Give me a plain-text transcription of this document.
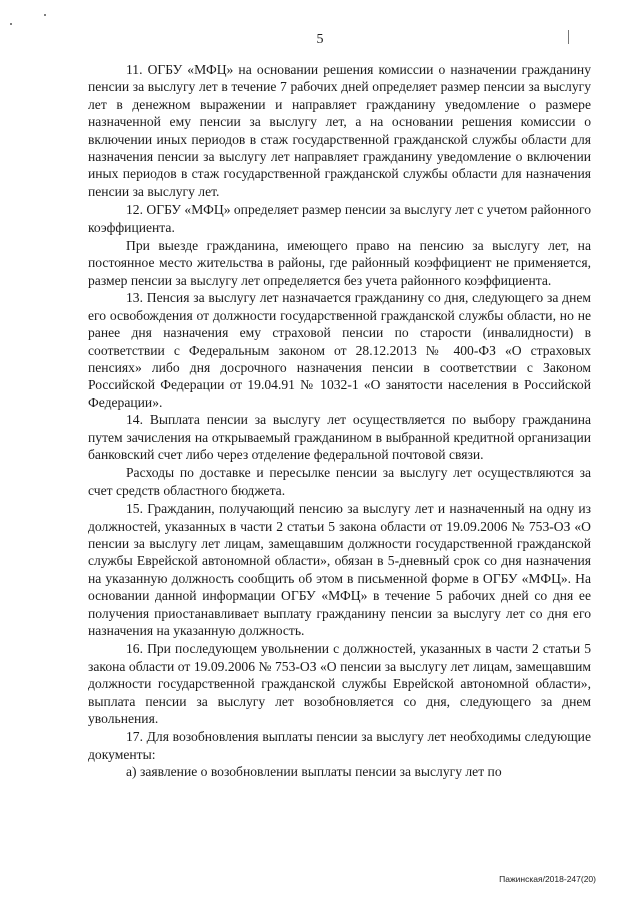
5

11. ОГБУ «МФЦ» на основании решения комиссии о назначении гражданину пенсии за выслугу лет в течение 7 рабочих дней определяет размер пенсии за выслугу лет в денежном выражении и направляет гражданину уведомление о размере назначенной ему пенсии за выслугу лет, а на основании решения комиссии о включении иных периодов в стаж государственной гражданской службы области для назначения пенсии за выслугу лет направляет гражданину уведомление о включении иных периодов в стаж государственной гражданской службы области для назначения пенсии за выслугу лет.

12. ОГБУ «МФЦ» определяет размер пенсии за выслугу лет с учетом районного коэффициента.

При выезде гражданина, имеющего право на пенсию за выслугу лет, на постоянное место жительства в районы, где районный коэффициент не применяется, размер пенсии за выслугу лет определяется без учета районного коэффициента.

13. Пенсия за выслугу лет назначается гражданину со дня, следующего за днем его освобождения от должности государственной гражданской службы области, но не ранее дня назначения ему страховой пенсии по старости (инвалидности) в соответствии с Федеральным законом от 28.12.2013 № 400-ФЗ «О страховых пенсиях» либо дня досрочного назначения пенсии в соответствии с Законом Российской Федерации от 19.04.91 № 1032-1 «О занятости населения в Российской Федерации».

14. Выплата пенсии за выслугу лет осуществляется по выбору гражданина путем зачисления на открываемый гражданином в выбранной кредитной организации банковский счет либо через отделение федеральной почтовой связи.

Расходы по доставке и пересылке пенсии за выслугу лет осуществляются за счет средств областного бюджета.

15. Гражданин, получающий пенсию за выслугу лет и назначенный на одну из должностей, указанных в части 2 статьи 5 закона области от 19.09.2006 № 753-ОЗ «О пенсии за выслугу лет лицам, замещавшим должности государственной гражданской службы Еврейской автономной области», обязан в 5-дневный срок со дня назначения на указанную должность сообщить об этом в письменной форме в ОГБУ «МФЦ». На основании данной информации ОГБУ «МФЦ» в течение 5 рабочих дней со дня ее получения приостанавливает выплату гражданину пенсии за выслугу лет со дня его назначения на указанную должность.

16. При последующем увольнении с должностей, указанных в части 2 статьи 5 закона области от 19.09.2006 № 753-ОЗ «О пенсии за выслугу лет лицам, замещавшим должности государственной гражданской службы Еврейской автономной области», выплата пенсии за выслугу лет возобновляется со дня, следующего за днем увольнения.

17. Для возобновления выплаты пенсии за выслугу лет необходимы следующие документы:

а) заявление о возобновлении выплаты пенсии за выслугу лет по

Пажинская/2018-247(20)
